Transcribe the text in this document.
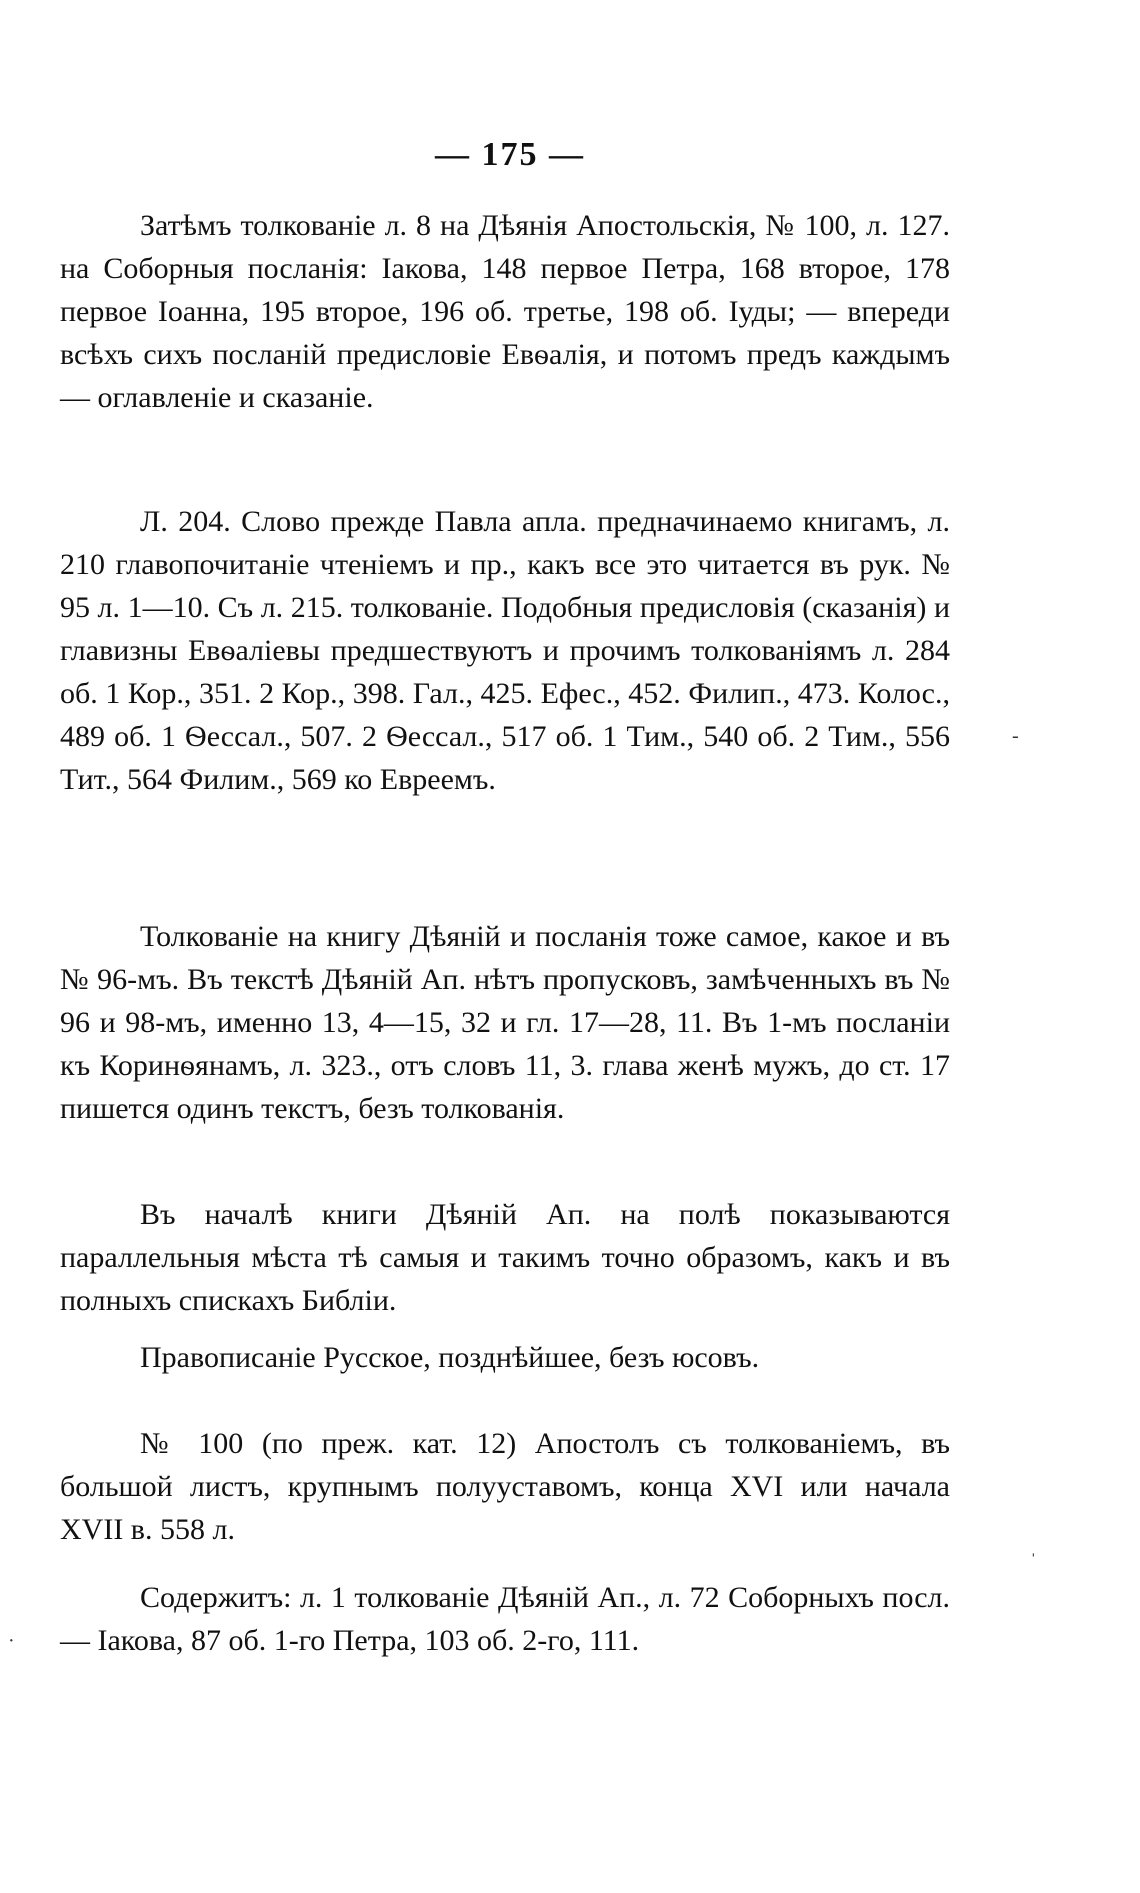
— 175 —

Затѣмъ толкованіе л. 8 на Дѣянія Апостольскія, № 100, л. 127. на Соборныя посланія: Іакова, 148 первое Петра, 168 второе, 178 первое Іоанна, 195 второе, 196 об. третье, 198 об. Іуды; — впереди всѣхъ сихъ посланій предисловіе Евѳалія, и потомъ предъ каждымъ — оглавленіе и сказаніе.

Л. 204. Слово прежде Павла апла. предначинаемо книгамъ, л. 210 главопочитаніе чтеніемъ и пр., какъ все это читается въ рук. № 95 л. 1—10. Съ л. 215. толкованіе. Подобныя предисловія (сказанія) и главизны Евѳаліевы предшествуютъ и прочимъ толкованіямъ л. 284 об. 1 Кор., 351. 2 Кор., 398. Гал., 425. Ефес., 452. Филип., 473. Колос., 489 об. 1 Ѳессал., 507. 2 Ѳессал., 517 об. 1 Тим., 540 об. 2 Тим., 556 Тит., 564 Филим., 569 ко Евреемъ.

Толкованіе на книгу Дѣяній и посланія тоже самое, какое и въ № 96-мъ. Въ текстѣ Дѣяній Ап. нѣтъ пропусковъ, замѣченныхъ въ № 96 и 98-мъ, именно 13, 4—15, 32 и гл. 17—28, 11. Въ 1-мъ посланіи къ Коринѳянамъ, л. 323., отъ словъ 11, 3. глава женѣ мужъ, до ст. 17 пишется одинъ текстъ, безъ толкованія.

Въ началѣ книги Дѣяній Ап. на полѣ показываются параллельныя мѣста тѣ самыя и такимъ точно образомъ, какъ и въ полныхъ спискахъ Библіи.

Правописаніе Русское, позднѣйшее, безъ юсовъ.

№ 100 (по преж. кат. 12) Апостолъ съ толкованіемъ, въ большой листъ, крупнымъ полууставомъ, конца XVI или начала XVII в. 558 л.

Содержитъ: л. 1 толкованіе Дѣяній Ап., л. 72 Соборныхъ посл. — Іакова, 87 об. 1-го Петра, 103 об. 2-го, 111.

ˌ
-
·
